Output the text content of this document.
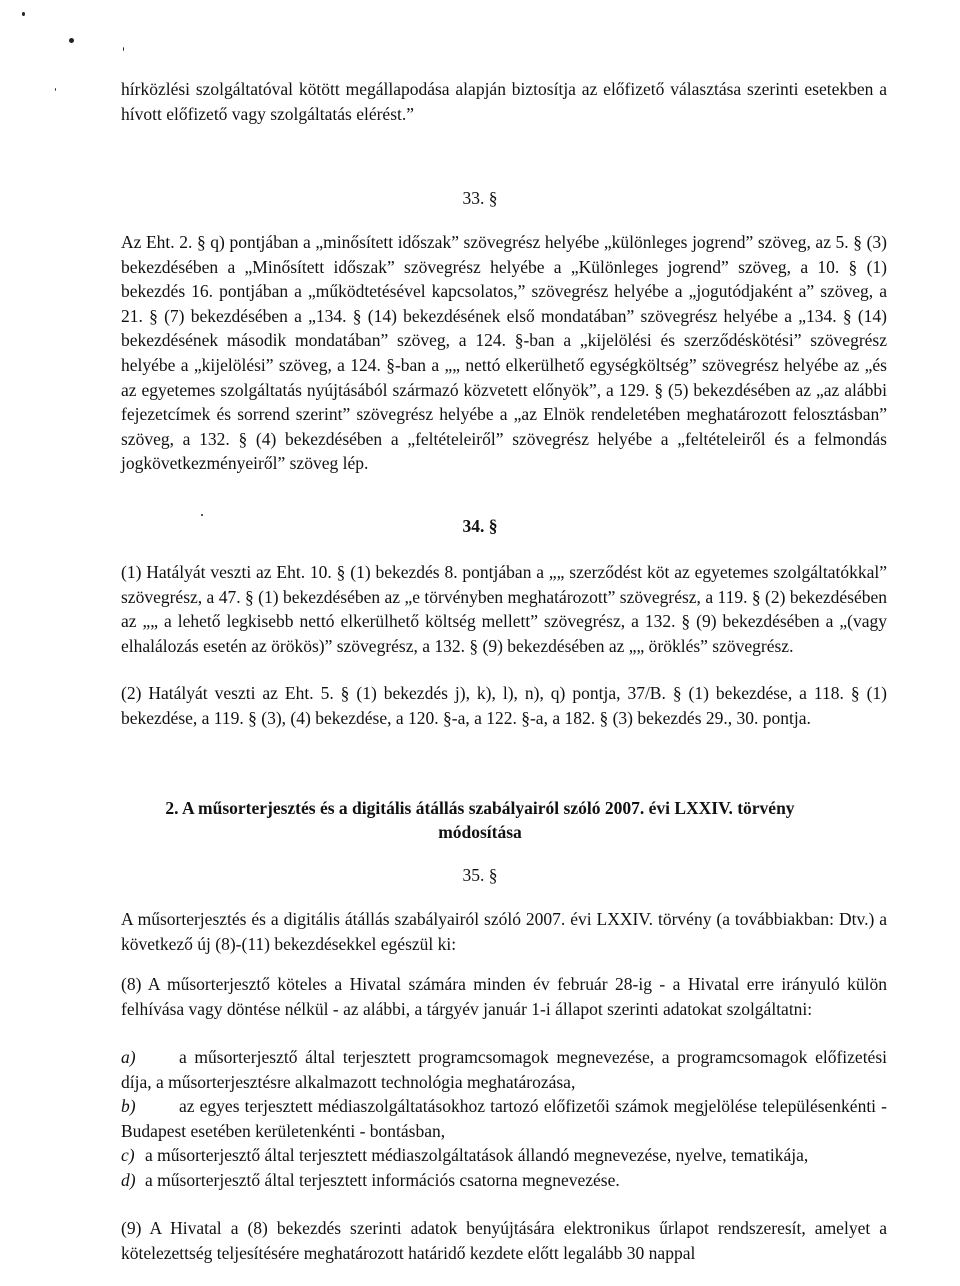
hírközlési szolgáltatóval kötött megállapodása alapján biztosítja az előfizető választása szerinti esetekben a hívott előfizető vagy szolgáltatás elérést.”

33. §

Az Eht. 2. § q) pontjában a „minősített időszak” szövegrész helyébe „különleges jogrend” szöveg, az 5. § (3) bekezdésében a „Minősített időszak” szövegrész helyébe a „Különleges jogrend” szöveg, a 10. § (1) bekezdés 16. pontjában a „működtetésével kapcsolatos,” szövegrész helyébe a „jogutódjaként a” szöveg, a 21. § (7) bekezdésében a „134. § (14) bekezdésének első mondatában” szövegrész helyébe a „134. § (14) bekezdésének második mondatában” szöveg, a 124. §-ban a „kijelölési és szerződéskötési” szövegrész helyébe a „kijelölési” szöveg, a 124. §-ban a „„ nettó elkerülhető egységköltség” szövegrész helyébe az „és az egyetemes szolgáltatás nyújtásából származó közvetett előnyök”, a 129. § (5) bekezdésében az „az alábbi fejezetcímek és sorrend szerint” szövegrész helyébe a „az Elnök rendeletében meghatározott felosztásban” szöveg, a 132. § (4) bekezdésében a „feltételeiről” szövegrész helyébe a „feltételeiről és a felmondás jogkövetkezményeiről” szöveg lép.

34. §

(1) Hatályát veszti az Eht. 10. § (1) bekezdés 8. pontjában a „„ szerződést köt az egyetemes szolgáltatókkal” szövegrész, a 47. § (1) bekezdésében az „e törvényben meghatározott” szövegrész, a 119. § (2) bekezdésében az „„ a lehető legkisebb nettó elkerülhető költség mellett” szövegrész, a 132. § (9) bekezdésében a „(vagy elhalálozás esetén az örökös)” szövegrész, a 132. § (9) bekezdésében az „„ öröklés” szövegrész.

(2) Hatályát veszti az Eht. 5. § (1) bekezdés j), k), l), n), q) pontja, 37/B. § (1) bekezdése, a 118. § (1) bekezdése, a 119. § (3), (4) bekezdése, a 120. §-a, a 122. §-a, a 182. § (3) bekezdés 29., 30. pontja.

2. A műsorterjesztés és a digitális átállás szabályairól szóló 2007. évi LXXIV. törvény

módosítása

35. §

A műsorterjesztés és a digitális átállás szabályairól szóló 2007. évi LXXIV. törvény (a továbbiakban: Dtv.) a következő új (8)-(11) bekezdésekkel egészül ki:

(8) A műsorterjesztő köteles a Hivatal számára minden év február 28-ig - a Hivatal erre irányuló külön felhívása vagy döntése nélkül - az alábbi, a tárgyév január 1-i állapot szerinti adatokat szolgáltatni:

a) a műsorterjesztő által terjesztett programcsomagok megnevezése, a programcsomagok előfizetési díja, a műsorterjesztésre alkalmazott technológia meghatározása,
b) az egyes terjesztett médiaszolgáltatásokhoz tartozó előfizetői számok megjelölése településenkénti - Budapest esetében kerületenkénti - bontásban,
c) a műsorterjesztő által terjesztett médiaszolgáltatások állandó megnevezése, nyelve, tematikája,
d) a műsorterjesztő által terjesztett információs csatorna megnevezése.

(9) A Hivatal a (8) bekezdés szerinti adatok benyújtására elektronikus űrlapot rendszeresít, amelyet a kötelezettség teljesítésére meghatározott határidő kezdete előtt legalább 30 nappal
